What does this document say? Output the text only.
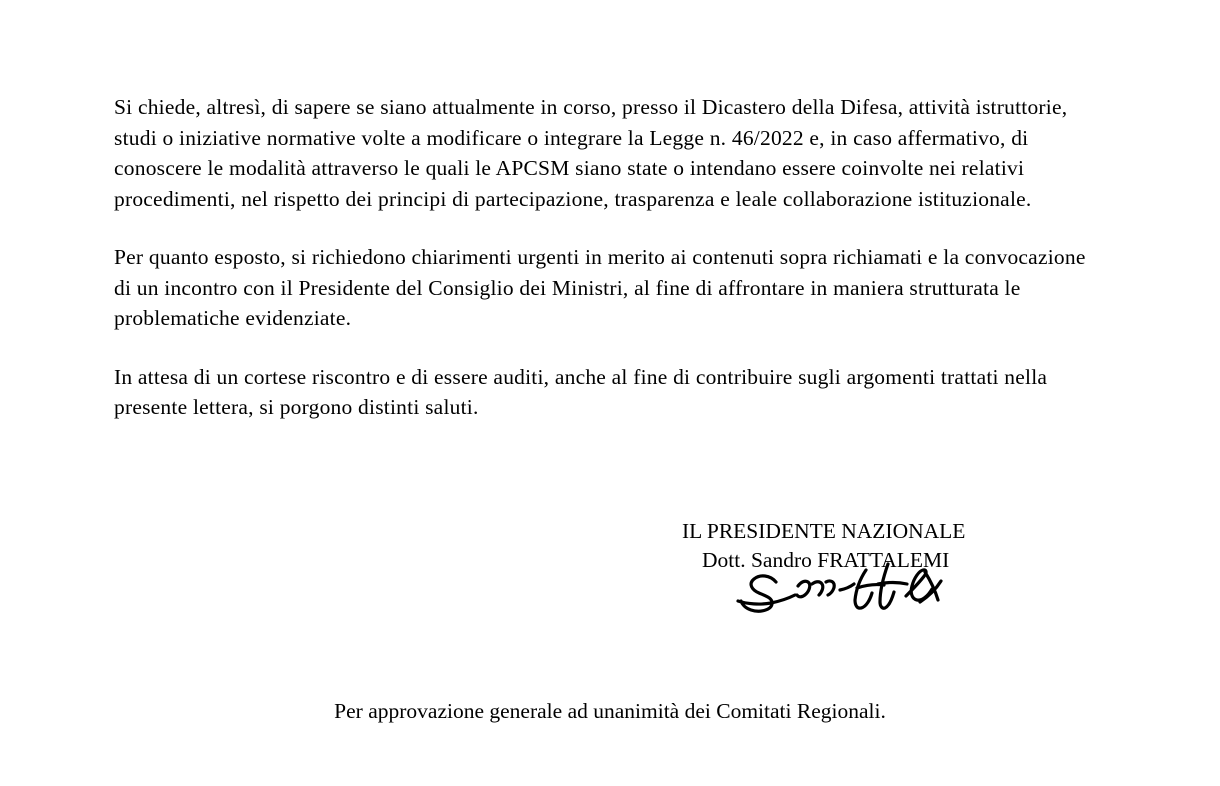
Si chiede, altresì, di sapere se siano attualmente in corso, presso il Dicastero della Difesa, attività istruttorie, studi o iniziative normative volte a modificare o integrare la Legge n. 46/2022 e, in caso affermativo, di conoscere le modalità attraverso le quali le APCSM siano state o intendano essere coinvolte nei relativi procedimenti, nel rispetto dei principi di partecipazione, trasparenza e leale collaborazione istituzionale.

Per quanto esposto, si richiedono chiarimenti urgenti in merito ai contenuti sopra richiamati e la convocazione di un incontro con il Presidente del Consiglio dei Ministri, al fine di affrontare in maniera strutturata le problematiche evidenziate.

In attesa di un cortese riscontro e di essere auditi, anche al fine di contribuire sugli argomenti trattati nella presente lettera, si porgono distinti saluti.

IL PRESIDENTE NAZIONALE

Dott. Sandro FRATTALEMI

Per approvazione generale ad unanimità dei Comitati Regionali.
